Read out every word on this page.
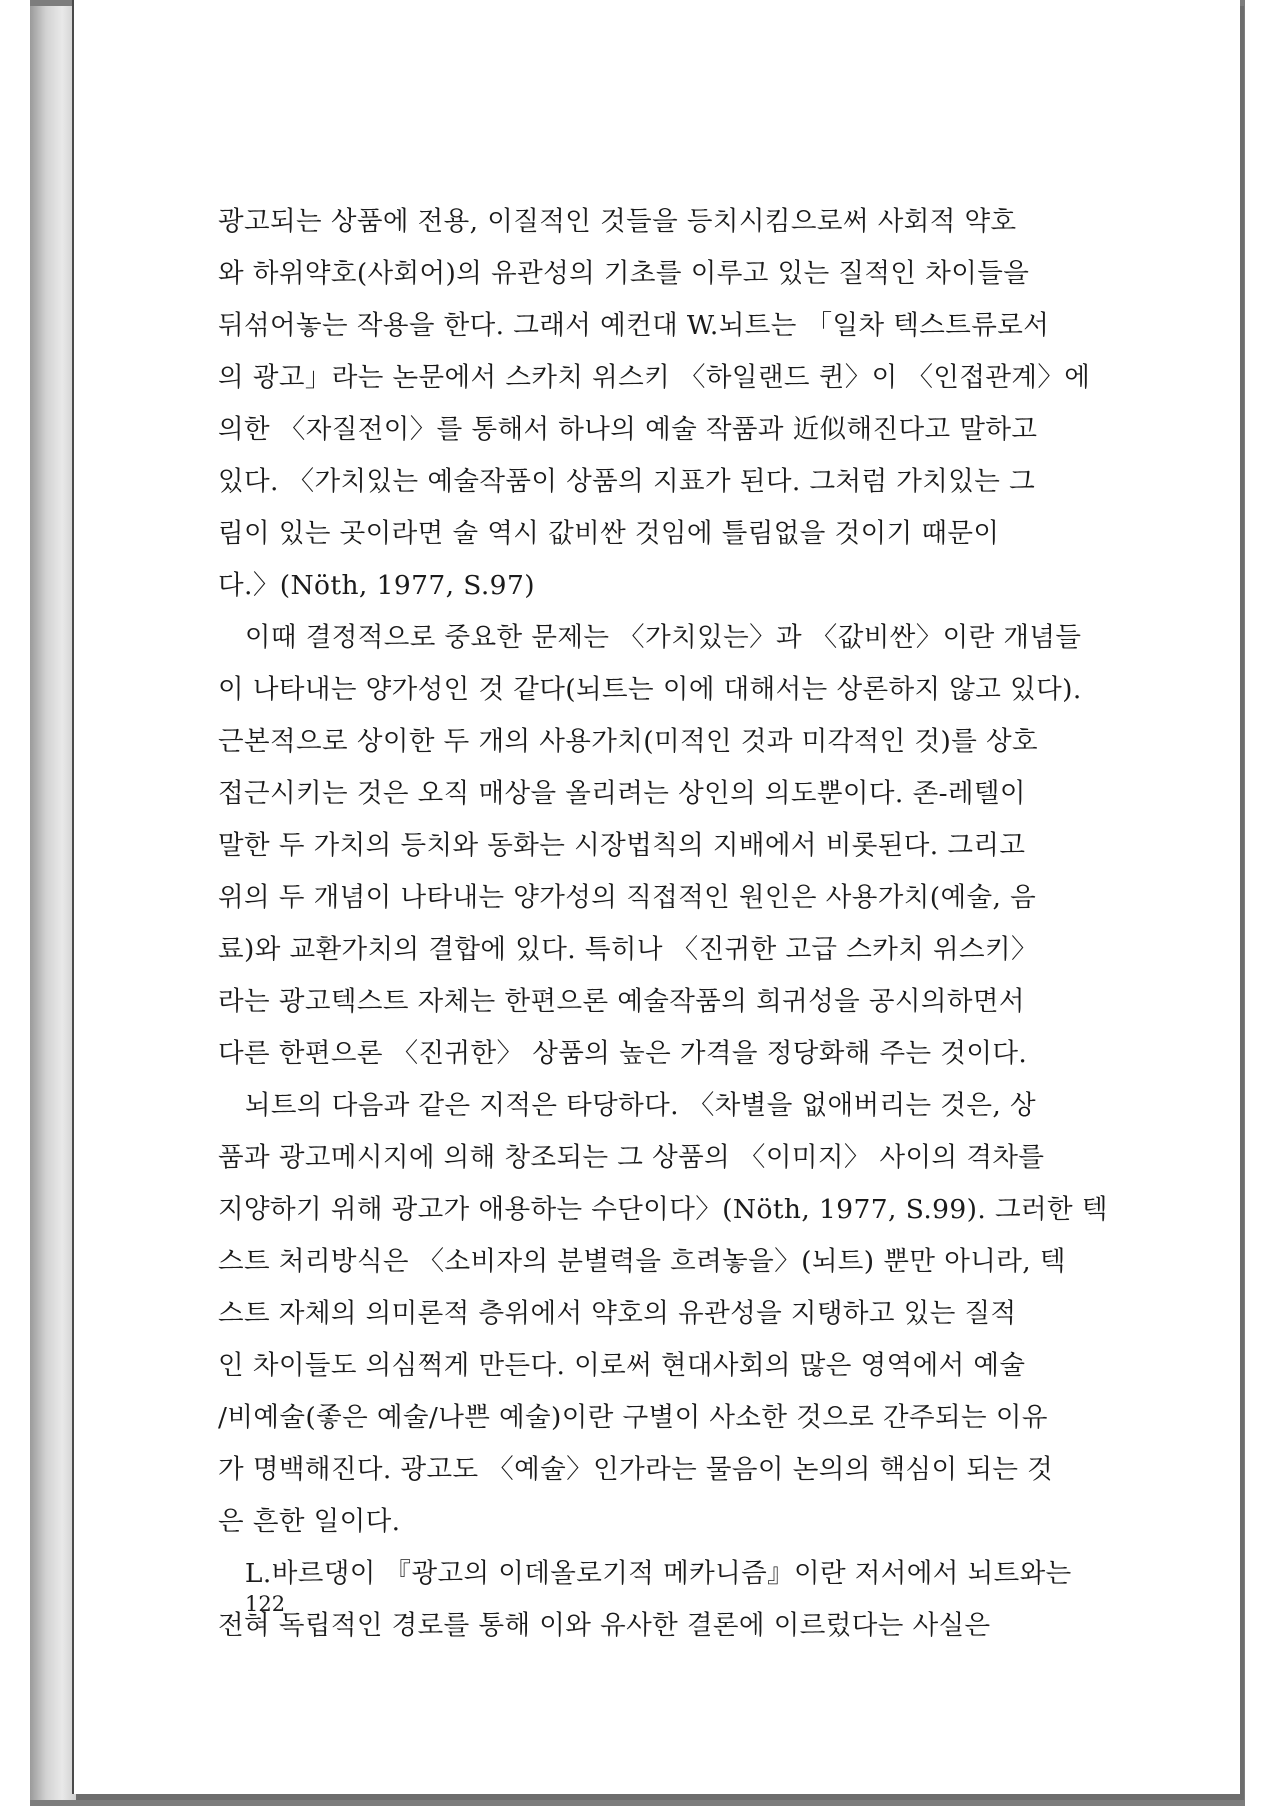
광고되는 상품에 전용, 이질적인 것들을 등치시킴으로써 사회적 약호
와 하위약호(사회어)의 유관성의 기초를 이루고 있는 질적인 차이들을
뒤섞어놓는 작용을 한다. 그래서 예컨대 W.뇌트는 「일차 텍스트류로서
의 광고」라는 논문에서 스카치 위스키 〈하일랜드 퀸〉이 〈인접관계〉에
의한 〈자질전이〉를 통해서 하나의 예술 작품과 近似해진다고 말하고
있다. 〈가치있는 예술작품이 상품의 지표가 된다. 그처럼 가치있는 그
림이 있는 곳이라면 술 역시 값비싼 것임에 틀림없을 것이기 때문이
다.〉(Nöth, 1977, S.97)
　이때 결정적으로 중요한 문제는 〈가치있는〉과 〈값비싼〉이란 개념들
이 나타내는 양가성인 것 같다(뇌트는 이에 대해서는 상론하지 않고 있다).
근본적으로 상이한 두 개의 사용가치(미적인 것과 미각적인 것)를 상호
접근시키는 것은 오직 매상을 올리려는 상인의 의도뿐이다. 존-레텔이
말한 두 가치의 등치와 동화는 시장법칙의 지배에서 비롯된다. 그리고
위의 두 개념이 나타내는 양가성의 직접적인 원인은 사용가치(예술, 음
료)와 교환가치의 결합에 있다. 특히나 〈진귀한 고급 스카치 위스키〉
라는 광고텍스트 자체는 한편으론 예술작품의 희귀성을 공시의하면서
다른 한편으론 〈진귀한〉 상품의 높은 가격을 정당화해 주는 것이다.
　뇌트의 다음과 같은 지적은 타당하다. 〈차별을 없애버리는 것은, 상
품과 광고메시지에 의해 창조되는 그 상품의 〈이미지〉 사이의 격차를
지양하기 위해 광고가 애용하는 수단이다〉(Nöth, 1977, S.99). 그러한 텍
스트 처리방식은 〈소비자의 분별력을 흐려놓을〉(뇌트) 뿐만 아니라, 텍
스트 자체의 의미론적 층위에서 약호의 유관성을 지탱하고 있는 질적
인 차이들도 의심쩍게 만든다. 이로써 현대사회의 많은 영역에서 예술
/비예술(좋은 예술/나쁜 예술)이란 구별이 사소한 것으로 간주되는 이유
가 명백해진다. 광고도 〈예술〉인가라는 물음이 논의의 핵심이 되는 것
은 흔한 일이다.
　L.바르댕이 『광고의 이데올로기적 메카니즘』이란 저서에서 뇌트와는
전혀 독립적인 경로를 통해 이와 유사한 결론에 이르렀다는 사실은
122
